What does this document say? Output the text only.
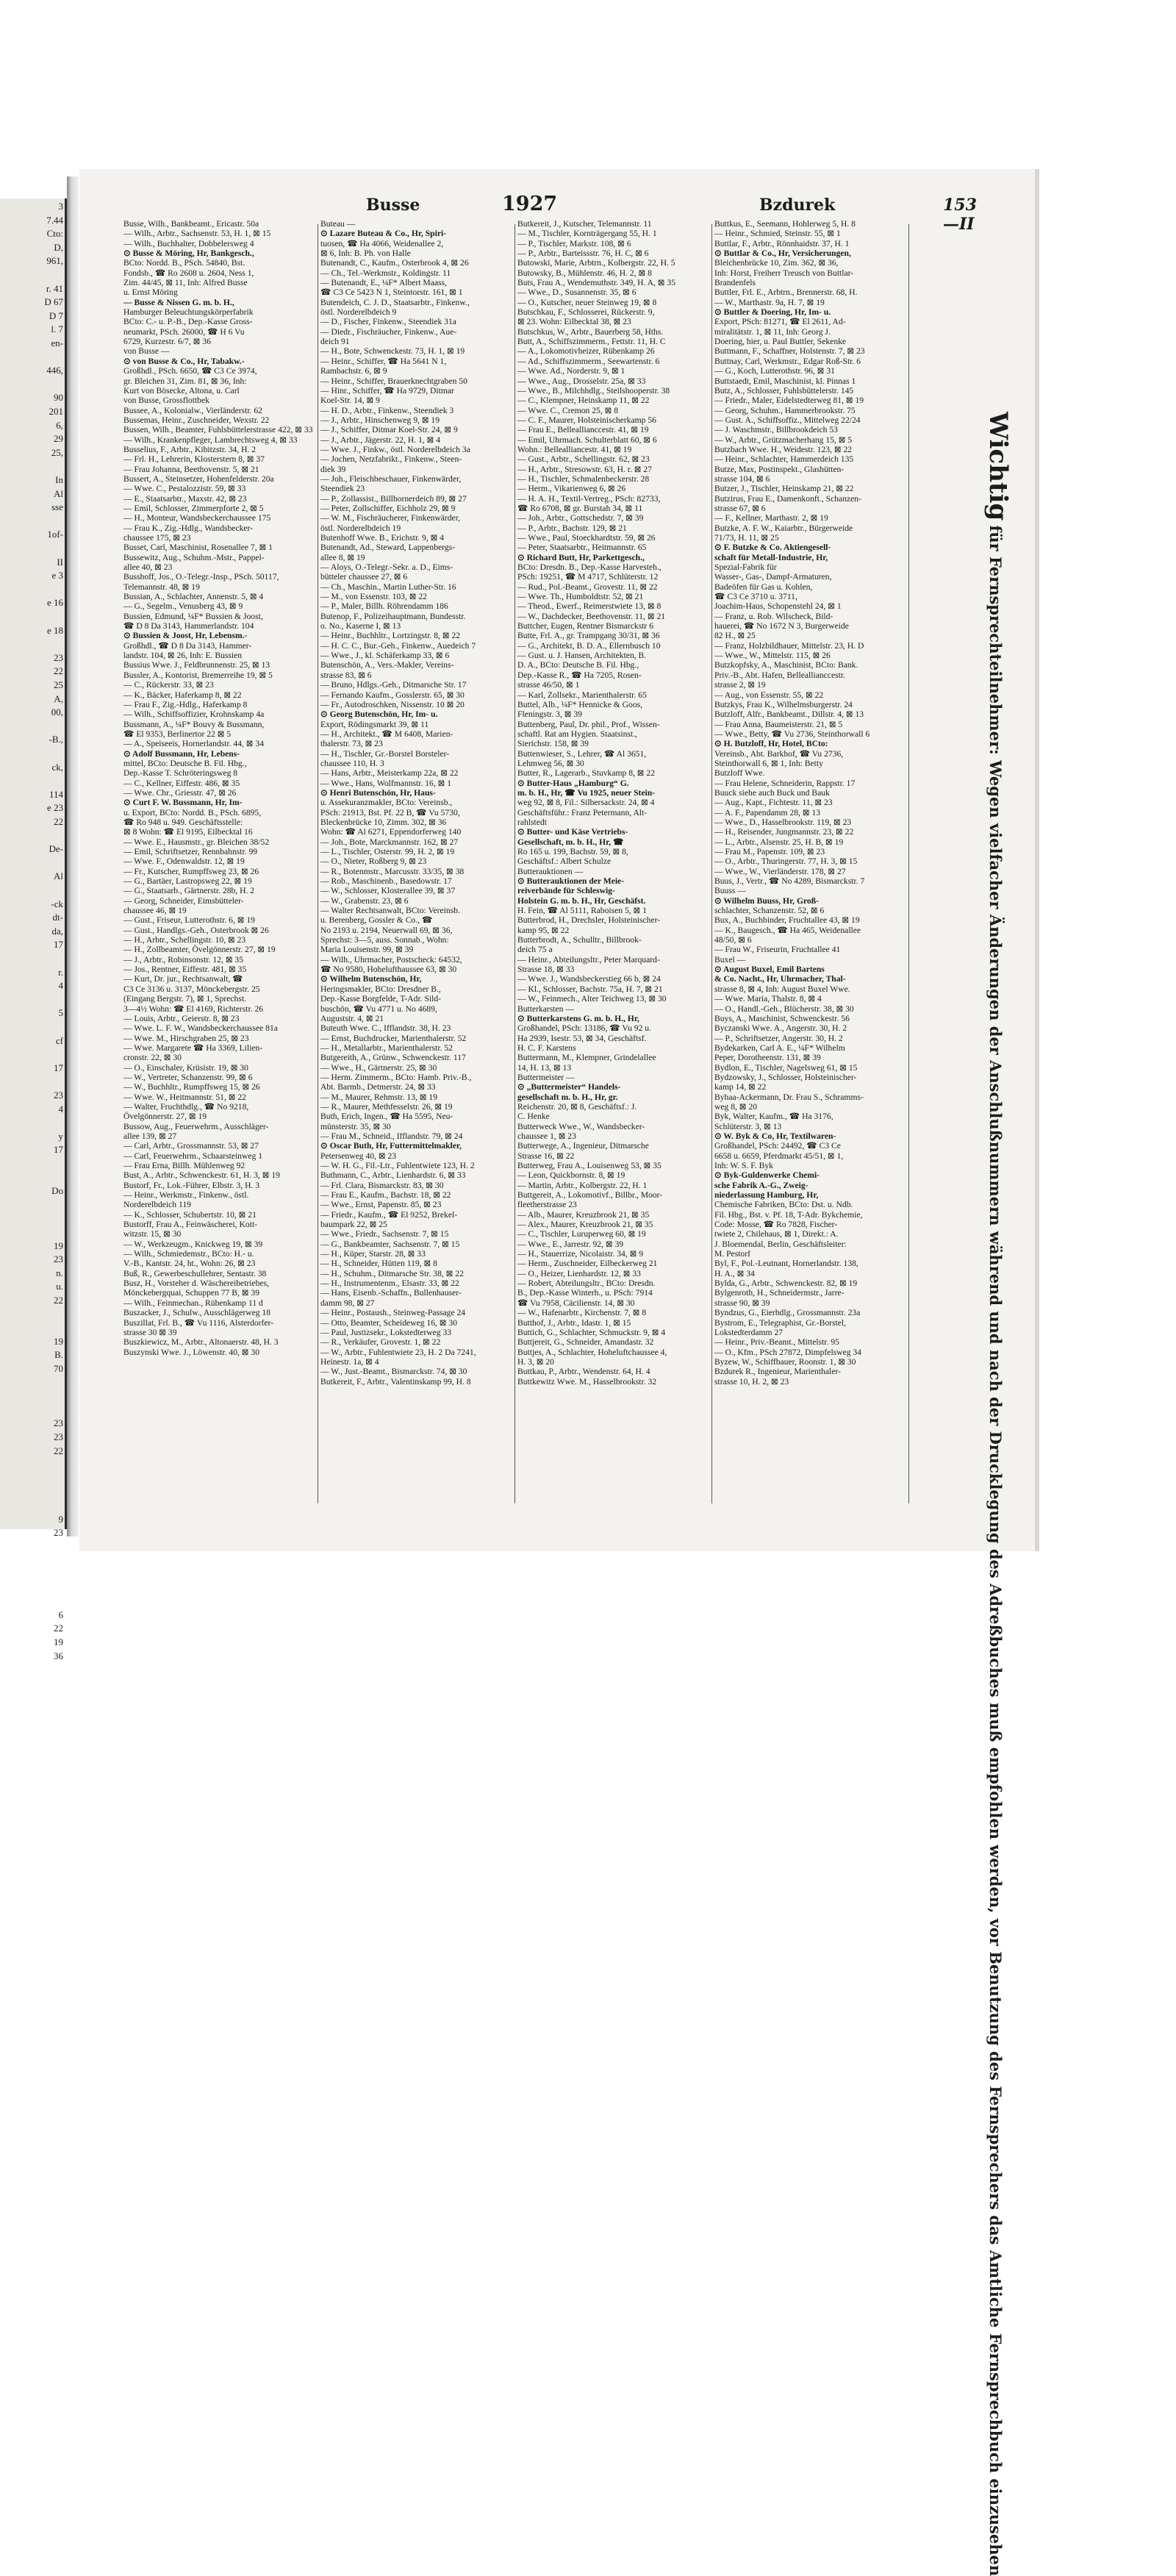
3
7.44
Cto:
D,
961,
r. 41
D 67
D 7
l. 7
en-
446,
90
201
6,
29
25,
In
Al
sse
1of-
II
e 3
e 16
e 18
23
22
25
A,
00,
-B.,
ck,
114
e 23
22
De-
Al
-ck
dt-
da,
17
r.
4
5
cf
17
23
4
y
17
Do
19
23
n.
u.
22
19
B.
70
23
23
22
9
23
6
22
19
36
Busse	1927	Bzdurek	153—II
Busse, Wilh., Bankbeamt., Ericastr. 50a
— Wilh., Arbtr., Sachsenstr. 53, H. 1, ⊠ 15
— Wilh., Buchhalter, Dobbelersweg 4
⊙ Busse & Möring, Hr, Bankgesch.,
BCto: Nordd. B., PSch. 54840, Bst.
Fondsb., ☎ Ro 2608 u. 2604, Ness 1,
Zim. 44/45, ⊠ 11, Inh: Alfred Busse
u. Ernst Möring
— Busse & Nissen G. m. b. H.,
Hamburger Beleuchtungskörperfabrik
BCto: C.- u. P.-B., Dep.-Kasse Gross-
neumarkt, PSch. 26000, ☎ H 6 Vu
6729, Kurzestr. 6/7, ⊠ 36
von Busse —
⊙ von Busse & Co., Hr, Tabakw.-
Großhdl., PSch. 6650, ☎ C3 Ce 3974,
gr. Bleichen 31, Zim. 81, ⊠ 36, Inh:
Kurt von Bösecke, Altona, u. Carl
von Busse, Grossflottbek
Bussee, A., Kolonialw., Vierländerstr. 62
Bussemas, Heinr., Zuschneider, Wexstr. 22
Bussen, Wilh., Beamter, Fuhlsbüttelerstrasse 422, ⊠ 33
— Wilh., Krankenpfleger, Lambrechtsweg 4, ⊠ 33
Busselius, F., Arbtr., Kibitzstr. 34, H. 2
— Frl. H., Lehrerin, Klosterstern 8, ⊠ 37
— Frau Johanna, Beethovenstr. 5, ⊠ 21
Bussert, A., Steinsetzer, Hohenfelderstr. 20a
— Wwe. C., Pestalozzistr. 59, ⊠ 33
— E., Staatsarbtr., Maxstr. 42, ⊠ 23
— Emil, Schlosser, Zimmerpforte 2, ⊠ 5
— H., Monteur, Wandsbeckerchaussee 175
— Frau K., Zig.-Hdlg., Wandsbecker-
chaussee 175, ⊠ 23
Busset, Carl, Maschinist, Rosenallee 7, ⊠ 1
Bussewitz, Aug., Schuhm.-Mstr., Pappel-
allee 40, ⊠ 23
Busshoff, Jos., O.-Telegr.-Insp., PSch. 50117,
Telemannstr. 48, ⊠ 19
Bussian, A., Schlachter, Annenstr. 5, ⊠ 4
— G., Segelm., Venusberg 43, ⊠ 9
Bussien, Edmund, ¼F* Bussien & Joost,
☎ D 8 Da 3143, Hammerlandstr. 104
⊙ Bussien & Joost, Hr, Lebensm.-
Großhdl., ☎ D 8 Da 3143, Hammer-
landstr. 104, ⊠ 26, Inh: E. Bussien
Bussius Wwe. J., Feldbrunnenstr. 25, ⊠ 13
Bussler, A., Kontorist, Bremerreihe 19, ⊠ 5
— C., Rückerstr. 33, ⊠ 23
— K., Bäcker, Haferkamp 8, ⊠ 22
— Frau F., Zig.-Hdlg., Haferkamp 8
— Wilh., Schiffsoffizier, Krohnskamp 4a
Bussmann, A., ¼F* Bouvy & Bussmann,
☎ El 9353, Berlinertor 22 ⊠ 5
— A., Speiseeis, Hornerlandstr. 44, ⊠ 34
⊙ Adolf Bussmann, Hr, Lebens-
mittel, BCto: Deutsche B. Fil. Hbg.,
Dep.-Kasse T. Schröteringsweg 8
— C., Kellner, Eiffestr. 486, ⊠ 35
— Wwe. Chr., Griesstr. 47, ⊠ 26
⊙ Curt F. W. Bussmann, Hr, Im-
u. Export, BCto: Nordd. B., PSch. 6895,
☎ Ro 948 u. 949. Geschäftsstelle:
⊠ 8 Wohn: ☎ El 9195, Eilbecktal 16
— Wwe. E., Hausmstr., gr. Bleichen 38/52
— Emil, Schriftsetzer, Rennbahnstr. 99
— Wwe. F., Odenwaldstr. 12, ⊠ 19
— Fr., Kutscher, Rumpffsweg 23, ⊠ 26
— G., Bartäer, Lastropsweg 22, ⊠ 19
— G., Staatsarb., Gärtnerstr. 28b, H. 2
— Georg, Schneider, Eimsbütteler-
chaussee 46, ⊠ 19
— Gust., Friseur, Lutterothstr. 6, ⊠ 19
— Gust., Handlgs.-Geh., Osterbrook ⊠ 26
— H., Arbtr., Schellingstr. 10, ⊠ 23
— H., Zollbeamter, Övelgönnerstr. 27, ⊠ 19
— J., Arbtr., Robinsonstr. 12, ⊠ 35
— Jos., Rentner, Eiffestr. 481, ⊠ 35
— Kurt, Dr. jur., Rechtsanwalt, ☎
C3 Ce 3136 u. 3137, Mönckebergstr. 25
(Eingang Bergstr. 7), ⊠ 1, Sprechst.
3—4½ Wohn: ☎ El 4169, Richterstr. 26
— Louis, Arbtr., Geierstr. 8, ⊠ 23
— Wwe. L. F. W., Wandsbeckerchaussee 81a
— Wwe. M., Hirschgraben 25, ⊠ 23
— Wwe. Margarete ☎ Ha 3369, Lilien-
cronstr. 22, ⊠ 30
— O., Einschaler, Krüsistr. 19, ⊠ 30
— W., Vertreter, Schanzenstr. 99, ⊠ 6
— W., Buchhltr., Rumpffsweg 15, ⊠ 26
— Wwe. W., Heitmannstr. 51, ⊠ 22
— Walter, Fruchthdlg., ☎ No 9218,
Övelgönnerstr. 27, ⊠ 19
Bussow, Aug., Feuerwehrm., Ausschläger-
allee 139, ⊠ 27
— Carl, Arbtr., Grossmannstr. 53, ⊠ 27
— Carl, Feuerwehrm., Schaarsteinweg 1
— Frau Erna, Billh. Mühlenweg 92
Bust, A., Arbtr., Schwenckestr. 61, H. 3, ⊠ 19
Bustorf, Fr., Lok.-Führer, Elbstr. 3, H. 3
— Heinr., Werkmstr., Finkenw., östl.
Norderelbdeich 119
— K., Schlosser, Schubertstr. 10, ⊠ 21
Bustorff, Frau A., Feinwäscherei, Kott-
witzstr. 15, ⊠ 30
— W., Werkzeugm., Knickweg 19, ⊠ 39
— Wilh., Schmiedemstr., BCto: H.- u.
V.-B., Kantstr. 24, ht., Wohn: 26, ⊠ 23
Buß, R., Gewerbeschullehrer, Sentastr. 38
Busz, H., Vorsteher d. Wäschereibetriebes,
Mönckebergquai, Schuppen 77 B, ⊠ 39
— Wilh., Feinmechan., Rübenkamp 11 d
Buszacker, J., Schulw., Ausschlägerweg 18
Buszillat, Frl. B., ☎ Vu 1116, Alsterdorfer-
strasse 30 ⊠ 39
Buszkiewicz, M., Arbtr., Altonaerstr. 48, H. 3
Buszynski Wwe. J., Löwenstr. 40, ⊠ 30
Buteau —
⊙ Lazare Buteau & Co., Hr, Spiri-
tuosen, ☎ Ha 4066, Weidenallee 2,
⊠ 6, Inh: B. Ph. von Halle
Butenandt, C., Kaufm., Osterbrook 4, ⊠ 26
— Ch., Tel.-Werkmstr., Koldingstr. 11
— Butenandt, E., ¼F* Albert Maass,
☎ C3 Ce 5423 N 1, Steintorstr. 161, ⊠ 1
Butendeich, C. J. D., Staatsarbtr., Finkenw.,
östl. Norderelbdeich 9
— D., Fischer, Finkenw., Steendiek 31a
— Diedr., Fischräucher, Finkenw., Aue-
deich 91
— H., Bote, Schwenckestr. 73, H. 1, ⊠ 19
— Heinr., Schiffer, ☎ Ha 5641 N 1,
Rambachstr. 6, ⊠ 9
— Heinr., Schiffer, Brauerknechtgraben 50
— Hinr., Schiffer, ☎ Ha 9729, Ditmar
Koel-Str. 14, ⊠ 9
— H. D., Arbtr., Finkenw., Steendiek 3
— J., Arbtr., Hinschenweg 9, ⊠ 19
— J., Schiffer, Ditmar Koel-Str. 24, ⊠ 9
— J., Arbtr., Jägerstr. 22, H. 1, ⊠ 4
— Wwe. J., Finkw., östl. Norderelbdeich 3a
— Jochen, Netzfabrikt., Finkenw., Steen-
diek 39
— Joh., Fleischbeschauer, Finkenwärder,
Steendiek 23
— P., Zollassist., Billhornerdeich 89, ⊠ 27
— Peter, Zollschiffer, Eichholz 29, ⊠ 9
— W. M., Fischräucherer, Finkenwärder,
östl. Norderelbdeich 19
Butenhoff Wwe. B., Erichstr. 9, ⊠ 4
Butenandt, Ad., Steward, Lappenbergs-
allee 8, ⊠ 19
— Aloys, O.-Telegr.-Sekr. a. D., Eims-
bütteler chaussee 27, ⊠ 6
— Ch., Maschin., Martin Luther-Str. 16
— M., von Essenstr. 103, ⊠ 22
— P., Maler, Billh. Röhrendamm 186
Butenop, F., Polizeihauptmann, Bundesstr.
o. No., Kaserne I, ⊠ 13
— Heinr., Buchhltr., Lortzingstr. 8, ⊠ 22
— H. C. C., Bur.-Geh., Finkenw., Auedeich 7
— Wwe., J., kl. Schäferkamp 33, ⊠ 6
Butenschön, A., Vers.-Makler, Vereins-
strasse 83, ⊠ 6
— Bruno, Hdlgs.-Geh., Ditmarsche Str. 17
— Fernando Kaufm., Gosslerstr. 65, ⊠ 30
— Fr., Autodroschken, Nissenstr. 10 ⊠ 20
⊙ Georg Butenschön, Hr, Im- u.
Export, Rödingsmarkt 39, ⊠ 11
— H., Architekt., ☎ M 6408, Marien-
thalerstr. 73, ⊠ 23
— H., Tischler, Gr.-Borstel Borsteler-
chaussee 110, H. 3
— Hans, Arbtr., Meisterkamp 22a, ⊠ 22
— Wwe., Hans, Wolfmannstr. 16, ⊠ 1
⊙ Henri Butenschön, Hr, Haus-
u. Assekuranzmakler, BCto: Vereinsb.,
PSch: 21913, Bst. Pf. 22 B, ☎ Vu 5730,
Bleckenbrücke 10, Zimm. 302, ⊠ 36
Wohn: ☎ Al 6271, Eppendorferweg 140
— Joh., Bote, Marckmannstr. 162, ⊠ 27
— L., Tischler, Osterstr. 99, H. 2, ⊠ 19
— O., Nieter, Roßberg 9, ⊠ 23
— R., Botenmstr., Marcusstr. 33/35, ⊠ 38
— Rob., Maschinenb., Basedowstr. 17
— W., Schlosser, Klosterallee 39, ⊠ 37
— W., Grabenstr. 23, ⊠ 6
— Walter Rechtsanwalt, BCto: Vereinsb.
u. Berenberg, Gossler & Co., ☎
No 2193 u. 2194, Neuerwall 69, ⊠ 36,
Sprechst: 3—5, auss. Sonnab., Wohn:
Maria Louisenstr. 99, ⊠ 39
— Wilh., Uhrmacher, Postscheck: 64532,
☎ No 9580, Hohelufthaussee 63, ⊠ 30
⊙ Wilhelm Butenschön, Hr,
Heringsmakler, BCto: Dresdner B.,
Dep.-Kasse Borgfelde, T-Adr. Sild-
buschön, ☎ Vu 4771 u. No 4689,
Auguststr. 4, ⊠ 21
Buteuth Wwe. C., Ifflandstr. 38, H. 23
— Ernst, Buchdrucker, Marienthalerstr. 52
— H., Metallarbtr., Marienthalerstr. 52
Butgereith, A., Grünw., Schwenckestr. 117
— Wwe., H., Gärtnerstr. 25, ⊠ 30
— Herm. Zimmerm., BCto: Hamb. Priv.-B.,
Abt. Barmb., Detmerstr. 24, ⊠ 33
— M., Maurer, Rehmstr. 13, ⊠ 19
— R., Maurer, Methfesselstr. 26, ⊠ 19
Buth, Erich, Ingen., ☎ Ha 5595, Neu-
münsterstr. 35, ⊠ 30
— Frau M., Schneid., Ifflandstr. 79, ⊠ 24
⊙ Oscar Buth, Hr, Futtermittelmakler,
Petersenweg 40, ⊠ 23
— W. H. G., Fil.-Ltr., Fuhlentwiete 123, H. 2
Buthmann, C., Arbtr., Lienhardstr. 6, ⊠ 33
— Frl. Clara, Bismarckstr. 83, ⊠ 30
— Frau E., Kaufm., Bachstr. 18, ⊠ 22
— Wwe., Ernst, Papenstr. 85, ⊠ 23
— Friedr., Kaufm., ☎ El 9252, Brekel-
baumpark 22, ⊠ 25
— Wwe., Friedr., Sachsenstr. 7, ⊠ 15
— G., Bankbeamter, Sachsenstr. 7, ⊠ 15
— H., Küper, Starstr. 28, ⊠ 33
— H., Schneider, Hütten 119, ⊠ 8
— H., Schuhm., Ditmarsche Str. 38, ⊠ 22
— H., Instrumentenm., Elsastr. 33, ⊠ 22
— Hans, Eisenb.-Schaffn., Bullenhauser-
damm 98, ⊠ 27
— Heinr., Postaush., Steinweg-Passage 24
— Otto, Beamter, Scheideweg 16, ⊠ 30
— Paul, Justizsekr., Lokstedterweg 33
— R., Verkäufer, Grovestr. 1, ⊠ 22
— W., Arbtr., Fuhlentwiete 23, H. 2 Da 7241,
Heinestr. 1a, ⊠ 4
— W., Just.-Beamt., Bismarckstr. 74, ⊠ 30
Butkereit, F., Arbtr., Valentinskamp 99, H. 8
Butkereit, J., Kutscher, Telemannstr. 11
— M., Tischler, Kornträgergang 55, H. 1
— P., Tischler, Markstr. 108, ⊠ 6
— P., Arbtr., Barteissstr. 76, H. C, ⊠ 6
Butowski, Marie, Arbtrn., Kolbergstr. 22, H. 5
Butowsky, B., Mühlenstr. 46, H. 2, ⊠ 8
Buts, Frau A., Wendemuthstr. 349, H. A, ⊠ 35
— Wwe., D., Susannenstr. 35, ⊠ 6
— O., Kutscher, neuer Steinweg 19, ⊠ 8
Butschkau, F., Schlosserei, Rückerstr. 9,
⊠ 23. Wohn: Eilbecktal 38, ⊠ 23
Butschkus, W., Arbtr., Bauerberg 58, Hths.
Butt, A., Schiffszimmerm., Fettstr. 11, H. C
— A., Lokomotivheizer, Rübenkamp 26
— Ad., Schiffszimmerm., Seewartenstr. 6
— Wwe. Ad., Norderstr. 9, ⊠ 1
— Wwe., Aug., Drosselstr. 25a, ⊠ 33
— Wwe., B., Milchhdlg., Steilshooperstr. 38
— C., Klempner, Heinskamp 11, ⊠ 22
— Wwe. C., Cremon 25, ⊠ 8
— C. F., Maurer, Holsteinischerkamp 56
— Frau E., Belleallianccestr. 41, ⊠ 19
— Emil, Uhrmach. Schulterblatt 60, ⊠ 6
Wohn.: Bellealliancestr. 41, ⊠ 19
— Gust., Arbtr., Schellingstr. 62, ⊠ 23
— H., Arbtr., Stresowstr. 63, H. r. ⊠ 27
— H., Tischler, Schmalenbeckerstr. 28
— Herm., Vikarienweg 6, ⊠ 26
— H. A. H., Textil-Vertreg., PSch: 82733,
☎ Ro 6708, ⊠ gr. Burstah 34, ⊠ 11
— Joh., Arbtr., Gottschedstr. 7, ⊠ 39
— P., Arbtr., Bachstr. 129, ⊠ 21
— Wwe., Paul, Stoeckhardtstr. 59, ⊠ 26
— Peter, Staatsarbtr., Heitmannstr. 65
⊙ Richard Butt, Hr, Parkettgesch.,
BCto: Dresdn. B., Dep.-Kasse Harvesteh.,
PSch: 19251, ☎ M 4717, Schlüterstr. 12
— Rud., Pol.-Beamt., Grovestr. 11, ⊠ 22
— Wwe. Th., Humboldtstr. 52, ⊠ 21
— Theod., Ewerf., Reimerstwiete 13, ⊠ 8
— W., Dachdecker, Beethovenstr. 11, ⊠ 21
Buttcher, Eugen, Rentner Bismarckstr 6
Butte, Frl. A., gr. Trampgang 30/31, ⊠ 36
— G., Architekt, B. D. A., Ellernbusch 10
— Gust. u. J. Hansen, Architekten, B.
D. A., BCto: Deutsche B. Fil. Hbg.,
Dep.-Kasse R., ☎ Ha 7205, Rosen-
strasse 46/50, ⊠ 1
— Karl, Zollsekr., Marienthalerstr. 65
Buttel, Alb., ¼F* Hennicke & Goos,
Fleningstr. 3, ⊠ 39
Buttenberg, Paul, Dr. phil., Prof., Wissen-
schaftl. Rat am Hygien. Staatsinst.,
Sierichstr. 158, ⊠ 39
Buttenwieser, S., Lehrer, ☎ Al 3651,
Lehmweg 56, ⊠ 30
Butter, R., Lagerarb., Stuvkamp 8, ⊠ 22
⊙ Butter-Haus „Hamburg“ G.
m. b. H., Hr, ☎ Vu 1925, neuer Stein-
weg 92, ⊠ 8, Fil.: Silbersackstr. 24, ⊠ 4
Geschäftsführ.: Franz Petermann, Alt-
rahlstedt
⊙ Butter- und Käse Vertriebs-
Gesellschaft, m. b. H., Hr, ☎
Ro 165 u. 199, Bachstr. 59, ⊠ 8,
Geschäftsf.: Albert Schulze
Butterauktionen —
⊙ Butterauktionen der Meie-
reiverbände für Schleswig-
Holstein G. m. b. H., Hr, Geschäfst.
H. Fein, ☎ Al 5111, Raboisen 5, ⊠ 1
Butterbrod, H., Drechsler, Holsteinischer-
kamp 95, ⊠ 22
Butterbrodt, A., Schulltr., Billbrook-
deich 75 a
— Heinr., Abteilungsltr., Peter Marquard-
Strasse 18, ⊠ 33
— Wwe. J., Wandsbeckerstieg 66 b, ⊠ 24
— Kl., Schlosser, Bachstr. 75a, H. 7, ⊠ 21
— W., Feinmech., Alter Teichweg 13, ⊠ 30
Butterkarsten —
⊙ Butterkarstens G. m. b. H., Hr,
Großhandel, PSch: 13186, ☎ Vu 92 u.
Ha 2939, Isestr. 53, ⊠ 34, Geschäftsf.
H. C. F. Karstens
Buttermann, M., Klempner, Grindelallee
14, H. 13, ⊠ 13
Buttermeister —
⊙ „Buttermeister“ Handels-
gesellschaft m. b. H., Hr, gr.
Reichenstr. 20, ⊠ 8, Geschäftsf.: J.
C. Henke
Butterweck Wwe., W., Wandsbecker-
chaussee 1, ⊠ 23
Butterwege, A., Ingenieur, Ditmarsche
Strasse 16, ⊠ 22
Butterweg, Frau A., Louisenweg 53, ⊠ 35
— Leon, Quickbornstr. 8, ⊠ 19
— Martin, Arbtr., Kolbergstr. 22, H. 1
Buttgereit, A., Lokomotivf., Billbr., Moor-
fleetherstrasse 23
— Alb., Maurer, Kreuzbrook 21, ⊠ 35
— Alex., Maurer, Kreuzbrook 21, ⊠ 35
— C., Tischler, Luruperweg 60, ⊠ 19
— Wwe., E., Jarrestr. 92, ⊠ 39
— H., Stauerrize, Nicolaistr. 34, ⊠ 9
— Herm., Zuschneider, Eilbeckerweg 21
— O., Heizer, Lienhardstr. 12, ⊠ 33
— Robert, Abteilungsltr., BCto: Dresdn.
B., Dep.-Kasse Winterh., u. PSch: 7914
☎ Vu 7958, Cäcilienstr. 14, ⊠ 30
— W., Hafenarbtr., Kirchenstr. 7, ⊠ 8
Butthof, J., Arbtr., Idastr. 1, ⊠ 15
Buttich, G., Schlachter, Schmuckstr. 9, ⊠ 4
Buttjereit, G., Schneider, Amandastr. 32
Buttjes, A., Schlachter, Hoheluftchaussee 4,
H. 3, ⊠ 20
Buttkau, P., Arbtr., Wendenstr. 64, H. 4
Buttkewitz Wwe. M., Hasselbrookstr. 32
Buttkus, E., Seemann, Hohlerweg 5, H. 8
— Heinr., Schmied, Steinstr. 55, ⊠ 1
Buttlar, F., Arbtr., Rönnhaidstr. 37, H. 1
⊙ Buttlar & Co., Hr, Versicherungen,
Bleichenbrücke 10, Zim. 362, ⊠ 36,
Inh: Horst, Freiherr Treusch von Buttlar-
Brandenfels
Buttler, Frl. E., Arbtrn., Brennerstr. 68, H.
— W., Marthastr. 9a, H. 7, ⊠ 19
⊙ Buttler & Doering, Hr, Im- u.
Export, PSch: 81271, ☎ El 2611, Ad-
miralitätstr. 1, ⊠ 11, Inh: Georg J.
Doering, hier, u. Paul Buttler, Sekenke
Buttmann, F., Schaffner, Holstenstr. 7, ⊠ 23
Buttnay, Carl, Werkmstr., Edgar Roß-Str. 6
— G., Koch, Lutterothstr. 96, ⊠ 31
Buttstaedt, Emil, Maschinist, kl. Pinnas 1
Butz, A., Schlosser, Fuhlsbüttelerstr. 145
— Friedr., Maler, Eidelstedterweg 81, ⊠ 19
— Georg, Schuhm., Hammerbrookstr. 75
— Gust. A., Schiffsoffiz., Mittelweg 22/24
— J. Waschmstr., Billbrookdeich 53
— W., Arbtr., Grützmacherhang 15, ⊠ 5
Butzbach Wwe. H., Weidestr. 123, ⊠ 22
— Heinr., Schlachter, Hammerdeich 135
Butze, Max, Postinspekt., Glashütten-
strasse 104, ⊠ 6
Butzer, J., Tischler, Heinskamp 21, ⊠ 22
Butzirus, Frau E., Damenkonft., Schanzen-
strasse 67, ⊠ 6
— F., Kellner, Marthastr. 2, ⊠ 19
Butzke, A. F. W., Kaiarbtr., Bürgerweide
71/73, H. 11, ⊠ 25
⊙ F. Butzke & Co. Aktiengesell-
schaft für Metall-Industrie, Hr,
Spezial-Fabrik für
Wasser-, Gas-, Dampf-Armaturen,
Badeöfen für Gas u. Kohlen,
☎ C3 Ce 3710 u. 3711,
Joachim-Haus, Schopenstehl 24, ⊠ 1
— Franz, u. Rob. Wilscheck, Bild-
hauerei, ☎ No 1672 N 3, Burgerweide
82 H., ⊠ 25
— Franz, Holzbildhauer, Mittelstr. 23, H. D
— Wwe., W., Mittelstr. 115, ⊠ 26
Butzkopfsky, A., Maschinist, BCto: Bank.
Priv.-B., Abt. Hafen, Belleallianccestr.
strasse 2, ⊠ 19
— Aug., von Essenstr. 55, ⊠ 22
Butzkys, Frau K., Wilhelmsburgerstr. 24
Butzloff, Alfr., Bankbeamt., Dillstr. 4, ⊠ 13
— Frau Anna, Baumeisterstr. 21, ⊠ 5
— Wwe., Betty, ☎ Vu 2736, Steinthorwall 6
⊙ H. Butzloff, Hr, Hotel, BCto:
Vereinsb., Abt. Barkhof, ☎ Vu 2736,
Steinthorwall 6, ⊠ 1, Inh: Betty
Butzloff Wwe.
— Frau Helene, Schneiderin, Rappstr. 17
Buuck siehe auch Buck und Bauk
— Aug., Kapt., Fichtestr. 11, ⊠ 23
— A. F., Papendamm 28, ⊠ 13
— Wwe., D., Hasselbrookstr. 119, ⊠ 23
— H., Reisender, Jungmannstr. 23, ⊠ 22
— L., Arbtr., Alsenstr. 25, H. B, ⊠ 19
— Frau M., Papenstr. 109, ⊠ 23
— O., Arbtr., Thuringerstr. 77, H. 3, ⊠ 15
— Wwe., W., Vierländerstr. 178, ⊠ 27
Buus, J., Vertr., ☎ No 4289, Bismarckstr. 7
Buuss —
⊙ Wilhelm Buuss, Hr, Groß-
schlachter, Schanzenstr. 52, ⊠ 6
Bux, A., Buchbinder, Fruchtallee 43, ⊠ 19
— K., Baugesch., ☎ Ha 465, Weidenallee
48/50, ⊠ 6
— Frau W., Friseurin, Fruchtallee 41
Buxel —
⊙ August Buxel, Emil Bartens
& Co. Nacht., Hr, Uhrmacher, Thal-
strasse 8, ⊠ 4, Inh: August Buxel Wwe.
— Wwe. Maria, Thalstr. 8, ⊠ 4
— O., Handl.-Geh., Blücherstr. 38, ⊠ 30
Buys, A., Maschinist, Schwenckestr. 56
Byczanski Wwe. A., Angerstr. 30, H. 2
— P., Schriftsetzer, Angerstr. 30, H. 2
Bydekarken, Carl A. E., ¼F* Wilhelm
Peper, Dorotheenstr. 131, ⊠ 39
Bydlon, E., Tischler, Nagelsweg 61, ⊠ 15
Bydzowsky, J., Schlosser, Holsteinischer-
kamp 14, ⊠ 22
Byhaa-Ackermann, Dr. Frau S., Schramms-
weg 8, ⊠ 20
Byk, Walter, Kaufm., ☎ Ha 3176,
Schlüterstr. 3, ⊠ 13
⊙ W. Byk & Co, Hr, Textilwaren-
Großhandel, PSch: 24492, ☎ C3 Ce
6658 u. 6659, Pferdmarkt 45/51, ⊠ 1,
Inh: W. S. F. Byk
⊙ Byk-Guldenwerke Chemi-
sche Fabrik A.-G., Zweig-
niederlassung Hamburg, Hr,
Chemische Fabriken, BCto: Dst. u. Ndb.
Fil. Hbg., Bst. v. Pf. 18, T-Adr. Bykchemie,
Code: Mosse, ☎ Ro 7828, Fischer-
twiete 2, Chilehaus, ⊠ 1, Direkt.: A.
J. Bloemendal, Berlin, Geschäftsleiter:
M. Pestorf
Byl, F., Pol.-Leutnant, Hornerlandstr. 138,
H. A., ⊠ 34
Bylda, G., Arbtr., Schwenckestr. 82, ⊠ 19
Bylgenroth, H., Schneidermstr., Jarre-
strasse 90, ⊠ 39
Byndzus, G., Eierhdlg., Grossmannstr. 23a
Bystrom, E., Telegraphist, Gr.-Borstel,
Lokstedterdamm 27
— Heinr., Priv.-Beamt., Mittelstr. 95
— O., Kfm., PSch 27872, Dimpfelsweg 34
Byzew, W., Schiffbauer, Roonstr. 1, ⊠ 30
Bzdurek R., Ingenieur, Marienthaler-
strasse 10, H. 2, ⊠ 23
Wichtigfür Fernsprechteilnehmer: Wegen vielfacher Änderungen der Anschlußnummern während und nach der Drucklegung des Adreßbuches muß empfohlen werden, vor Benutzung des Fernsprechers das Amtliche Fernsprechbuch einzusehen
